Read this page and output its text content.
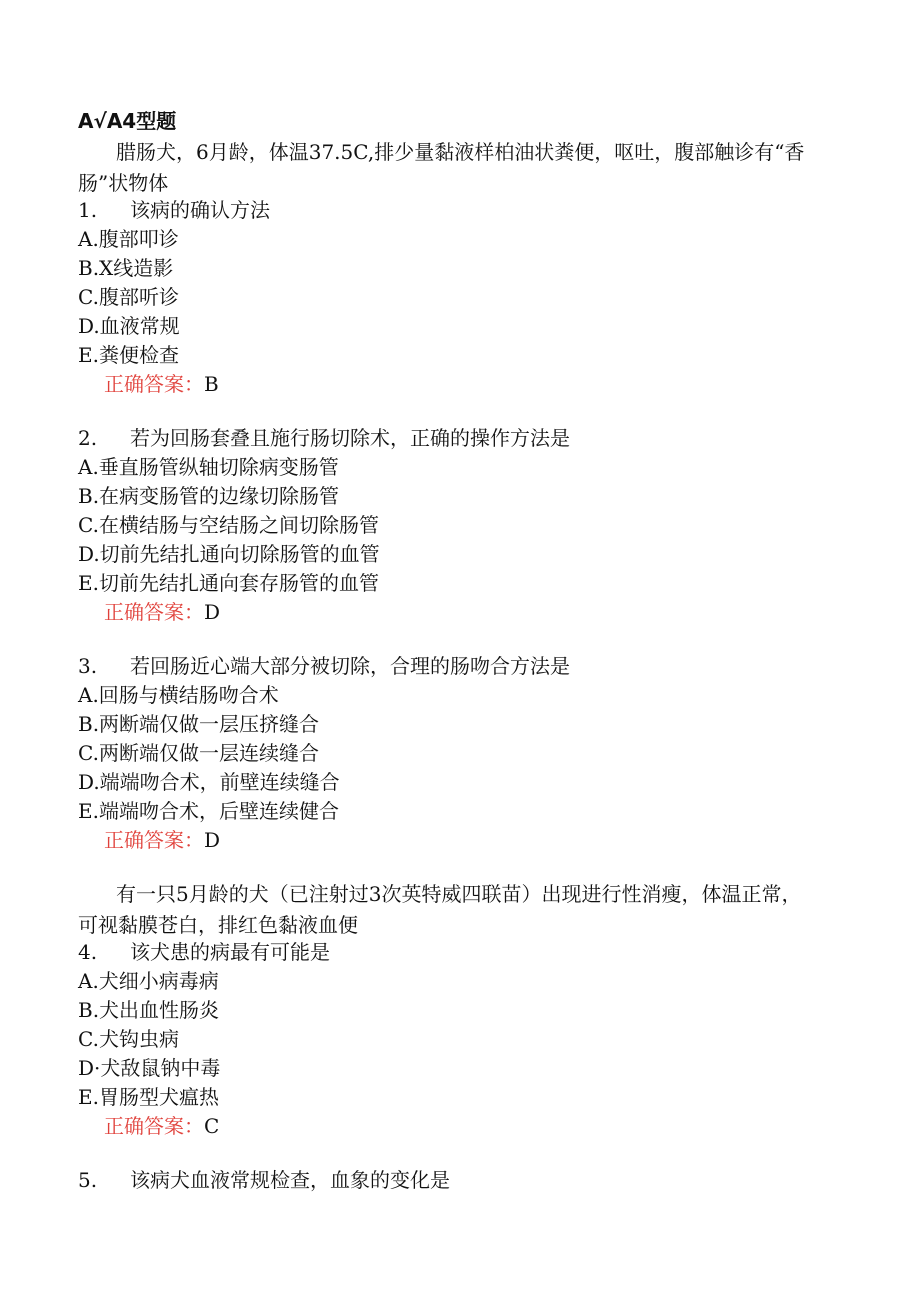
A√A4型题
腊肠犬，6月龄，体温37.5C,排少量黏液样柏油状粪便，呕吐，腹部触诊有“香肠”状物体
1. 该病的确认方法
A.腹部叩诊
B.X线造影
C.腹部听诊
D.血液常规
E.粪便检查
正确答案：B
2. 若为回肠套叠且施行肠切除术，正确的操作方法是
A.垂直肠管纵轴切除病变肠管
B.在病变肠管的边缘切除肠管
C.在横结肠与空结肠之间切除肠管
D.切前先结扎通向切除肠管的血管
E.切前先结扎通向套存肠管的血管
正确答案：D
3. 若回肠近心端大部分被切除，合理的肠吻合方法是
A.回肠与横结肠吻合术
B.两断端仅做一层压挤缝合
C.两断端仅做一层连续缝合
D.端端吻合术，前壁连续缝合
E.端端吻合术，后壁连续健合
正确答案：D
有一只5月龄的犬（已注射过3次英特威四联苗）出现进行性消瘦，体温正常，可视黏膜苍白，排红色黏液血便
4. 该犬患的病最有可能是
A.犬细小病毒病
B.犬出血性肠炎
C.犬钩虫病
D·犬敌鼠钠中毒
E.胃肠型犬瘟热
正确答案：C
5. 该病犬血液常规检查，血象的变化是
